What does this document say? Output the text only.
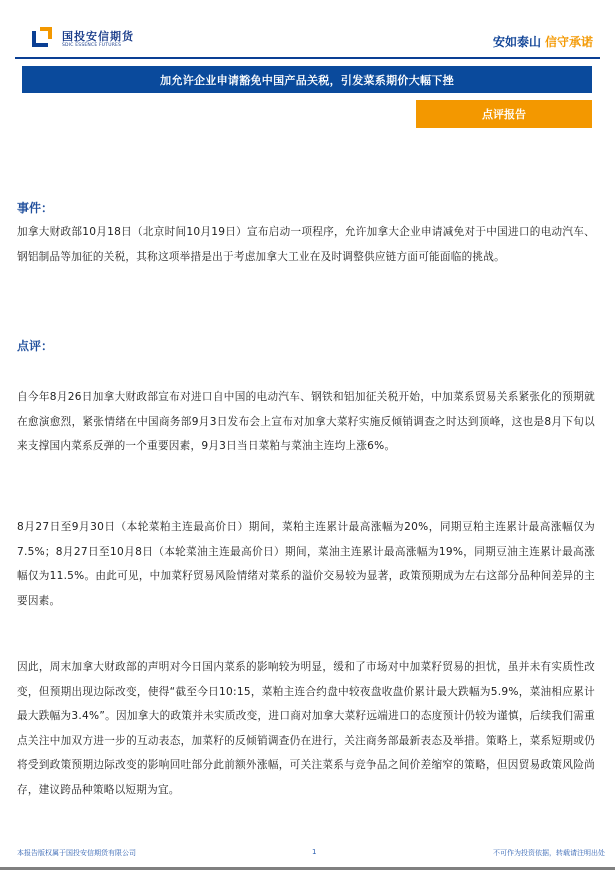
国投安信期货
SDIC ESSENCE FUTURES	安如泰山 信守承诺
加允许企业申请豁免中国产品关税，引发菜系期价大幅下挫
点评报告
事件：
加拿大财政部10月18日（北京时间10月19日）宣布启动一项程序，允许加拿大企业申请减免对于中国进口的电动汽车、钢铝制品等加征的关税，其称这项举措是出于考虑加拿大工业在及时调整供应链方面可能面临的挑战。
点评：
自今年8月26日加拿大财政部宣布对进口自中国的电动汽车、钢铁和铝加征关税开始，中加菜系贸易关系紧张化的预期就在愈演愈烈，紧张情绪在中国商务部9月3日发布会上宣布对加拿大菜籽实施反倾销调查之时达到顶峰，这也是8月下旬以来支撑国内菜系反弹的一个重要因素，9月3日当日菜粕与菜油主连均上涨6%。
8月27日至9月30日（本轮菜粕主连最高价日）期间，菜粕主连累计最高涨幅为20%，同期豆粕主连累计最高涨幅仅为7.5%；8月27日至10月8日（本轮菜油主连最高价日）期间，菜油主连累计最高涨幅为19%，同期豆油主连累计最高涨幅仅为11.5%。由此可见，中加菜籽贸易风险情绪对菜系的溢价交易较为显著，政策预期成为左右这部分品种间差异的主要因素。
因此，周末加拿大财政部的声明对今日国内菜系的影响较为明显，缓和了市场对中加菜籽贸易的担忧，虽并未有实质性改变，但预期出现边际改变，使得“截至今日10:15，菜粕主连合约盘中较夜盘收盘价累计最大跌幅为5.9%，菜油相应累计最大跌幅为3.4%”。因加拿大的政策并未实质改变，进口商对加拿大菜籽远端进口的态度预计仍较为谨慎，后续我们需重点关注中加双方进一步的互动表态，加菜籽的反倾销调查仍在进行，关注商务部最新表态及举措。策略上，菜系短期或仍将受到政策预期边际改变的影响回吐部分此前额外涨幅，可关注菜系与竞争品之间价差缩窄的策略，但因贸易政策风险尚存，建议跨品种策略以短期为宜。
本报告版权属于国投安信期货有限公司	1	不可作为投资依据，转载请注明出处
